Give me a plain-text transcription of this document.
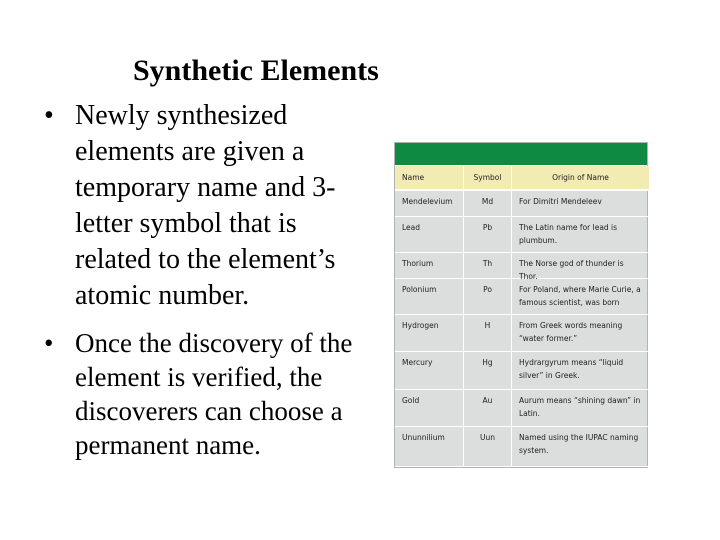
Synthetic Elements
• Newly synthesized elements are given a temporary name and 3-letter symbol that is related to the element’s atomic number.
• Once the discovery of the element is verified, the discoverers can choose a permanent name.
Name	Symbol	Origin of Name
Mendelevium	Md	For Dimitri Mendeleev
Lead	Pb	The Latin name for lead is plumbum.
Thorium	Th	The Norse god of thunder is Thor.
Polonium	Po	For Poland, where Marie Curie, a famous scientist, was born
Hydrogen	H	From Greek words meaning “water former.”
Mercury	Hg	Hydrargyrum means “liquid silver” in Greek.
Gold	Au	Aurum means “shining dawn” in Latin.
Ununnilium	Uun	Named using the IUPAC naming system.
